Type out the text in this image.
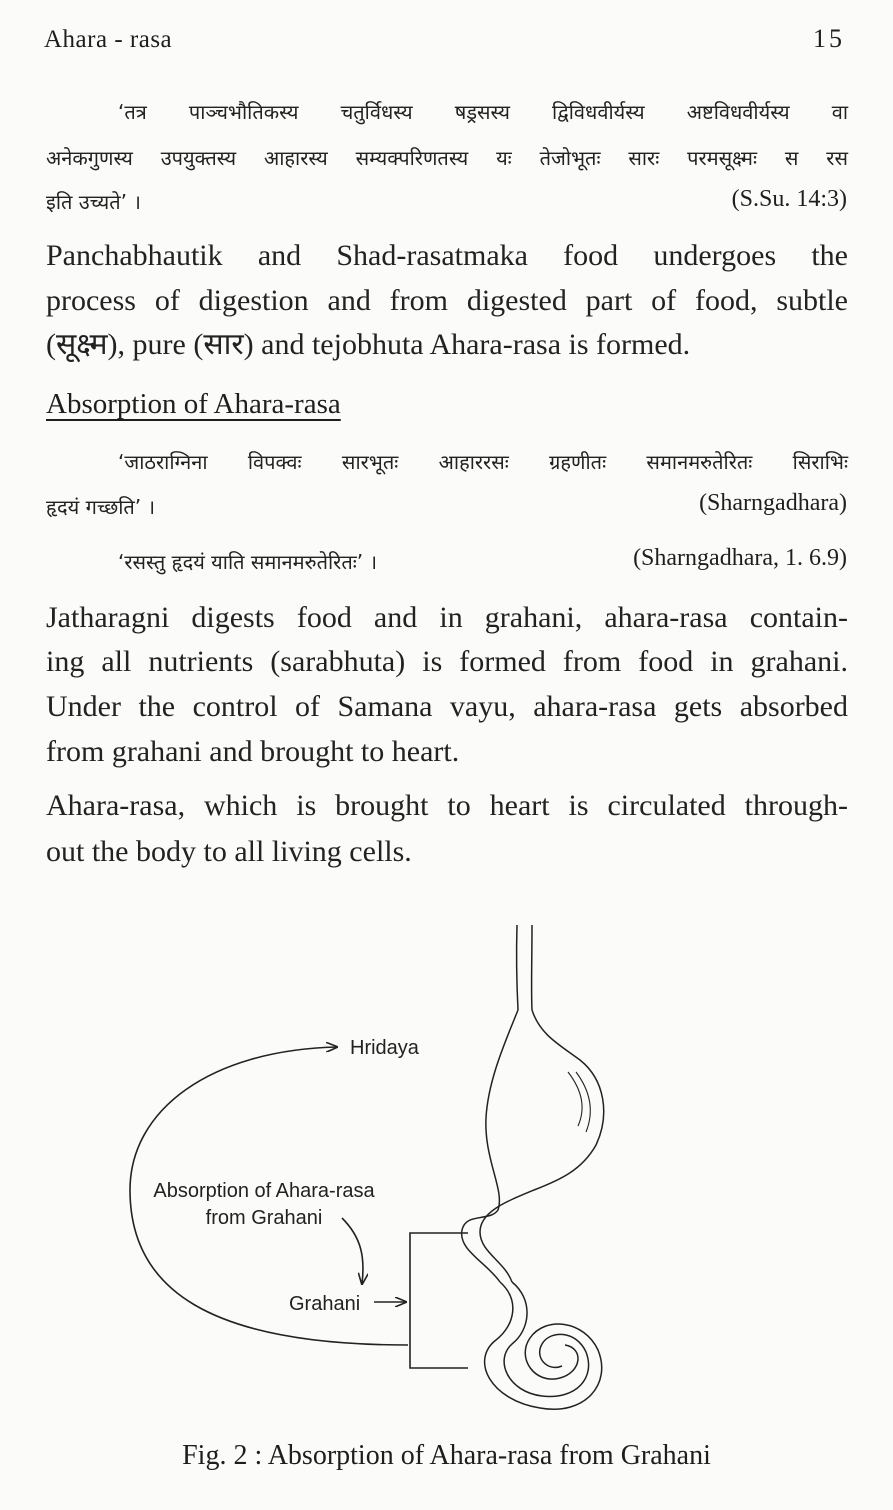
Ahara - rasa	15
‘तत्र पाञ्चभौतिकस्य चतुर्विधस्य षड्रसस्य द्विविधवीर्यस्य अष्टविधवीर्यस्य वा
अनेकगुणस्य उपयुक्तस्य आहारस्य सम्यक्परिणतस्य यः तेजोभूतः सारः परमसूक्ष्मः स रस
इति उच्यते’ ।	(S.Su. 14:3)
Panchabhautik and Shad-rasatmaka food undergoes the
process of digestion and from digested part of food, subtle
(सूक्ष्म), pure (सार) and tejobhuta Ahara-rasa is formed.
Absorption of Ahara-rasa
‘जाठराग्निना विपक्वः सारभूतः आहाररसः ग्रहणीतः समानमरुतेरितः सिराभिः
हृदयं गच्छति’ ।	(Sharngadhara)
‘रसस्तु हृदयं याति समानमरुतेरितः’ ।	(Sharngadhara, 1. 6.9)
Jatharagni digests food and in grahani, ahara-rasa contain-
ing all nutrients (sarabhuta) is formed from food in grahani.
Under the control of Samana vayu, ahara-rasa gets absorbed
from grahani and brought to heart.
Ahara-rasa, which is brought to heart is circulated through-
out the body to all living cells.
Hridaya
Absorption of Ahara-rasa
from Grahani
Grahani
Fig. 2 : Absorption of Ahara-rasa from Grahani
